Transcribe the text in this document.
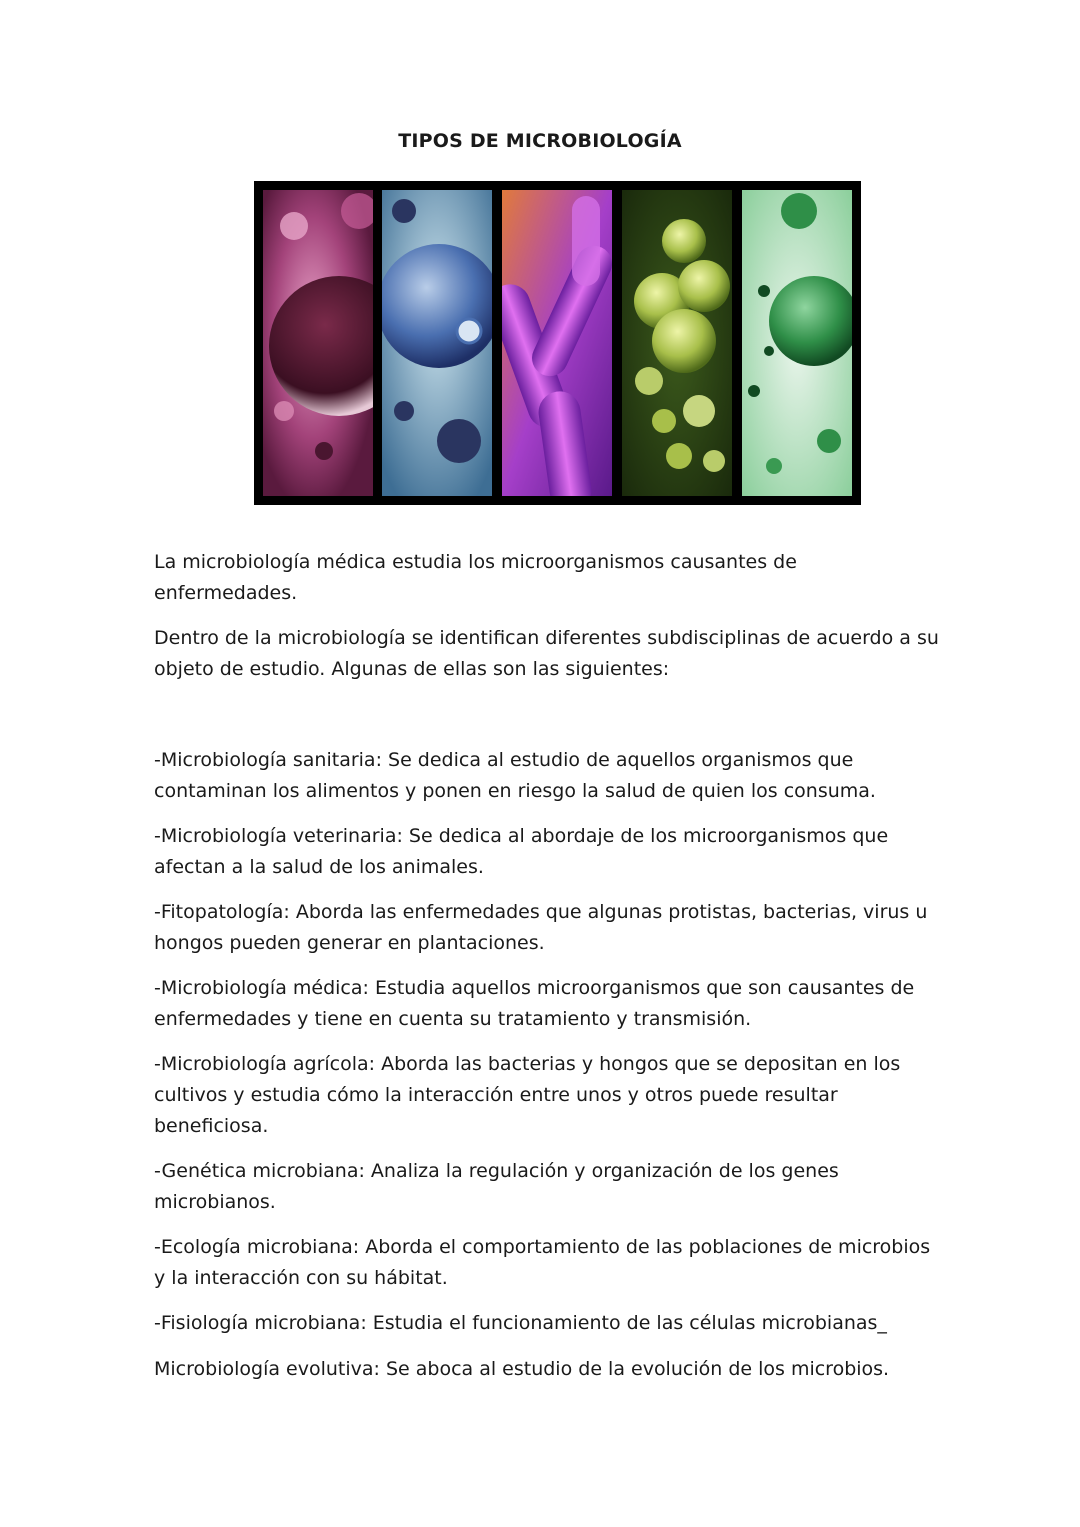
TIPOS DE MICROBIOLOGÍA

La microbiología médica estudia los microorganismos causantes de enfermedades.

Dentro de la microbiología se identifican diferentes subdisciplinas de acuerdo a su objeto de estudio. Algunas de ellas son las siguientes:

-Microbiología sanitaria: Se dedica al estudio de aquellos organismos que contaminan los alimentos y ponen en riesgo la salud de quien los consuma.

-Microbiología veterinaria: Se dedica al abordaje de los microorganismos que afectan a la salud de los animales.

-Fitopatología: Aborda las enfermedades que algunas protistas, bacterias, virus u hongos pueden generar en plantaciones.

-Microbiología médica: Estudia aquellos microorganismos que son causantes de enfermedades y tiene en cuenta su tratamiento y transmisión.

-Microbiología agrícola: Aborda las bacterias y hongos que se depositan en los cultivos y estudia cómo la interacción entre unos y otros puede resultar beneficiosa.

-Genética microbiana: Analiza la regulación y organización de los genes microbianos.

-Ecología microbiana: Aborda el comportamiento de las poblaciones de microbios y la interacción con su hábitat.

-Fisiología microbiana: Estudia el funcionamiento de las células microbianas_

Microbiología evolutiva: Se aboca al estudio de la evolución de los microbios.
